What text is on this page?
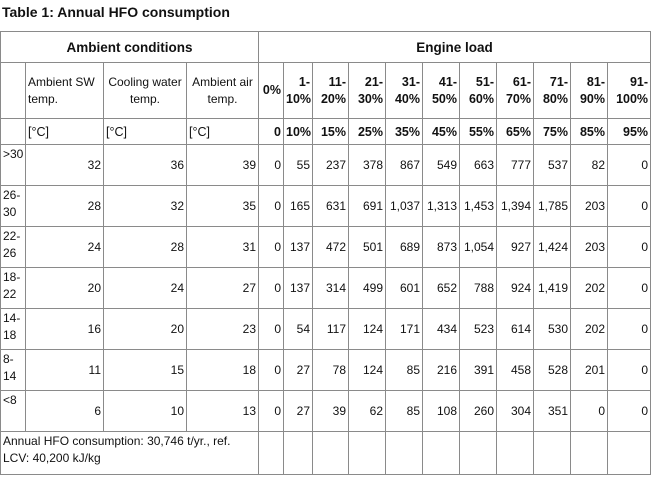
Table 1: Annual HFO consumption
Ambient conditions				Engine load										
	Ambient SW temp.	Cooling water temp.	Ambient air temp.	0%	1-10%	11-20%	21-30%	31-40%	41-50%	51-60%	61-70%	71-80%	81-90%	91-100%
	[°C]	[°C]	[°C]	0	10%	15%	25%	35%	45%	55%	65%	75%	85%	95%
>30	32	36	39	0	55	237	378	867	549	663	777	537	82	0
26-30	28	32	35	0	165	631	691	1,037	1,313	1,453	1,394	1,785	203	0
22-26	24	28	31	0	137	472	501	689	873	1,054	927	1,424	203	0
18-22	20	24	27	0	137	314	499	601	652	788	924	1,419	202	0
14-18	16	20	23	0	54	117	124	171	434	523	614	530	202	0
8-14	11	15	18	0	27	78	124	85	216	391	458	528	201	0
<8	6	10	13	0	27	39	62	85	108	260	304	351	0	0
Annual HFO consumption: 30,746 t/yr., ref. LCV: 40,200 kJ/kg														
